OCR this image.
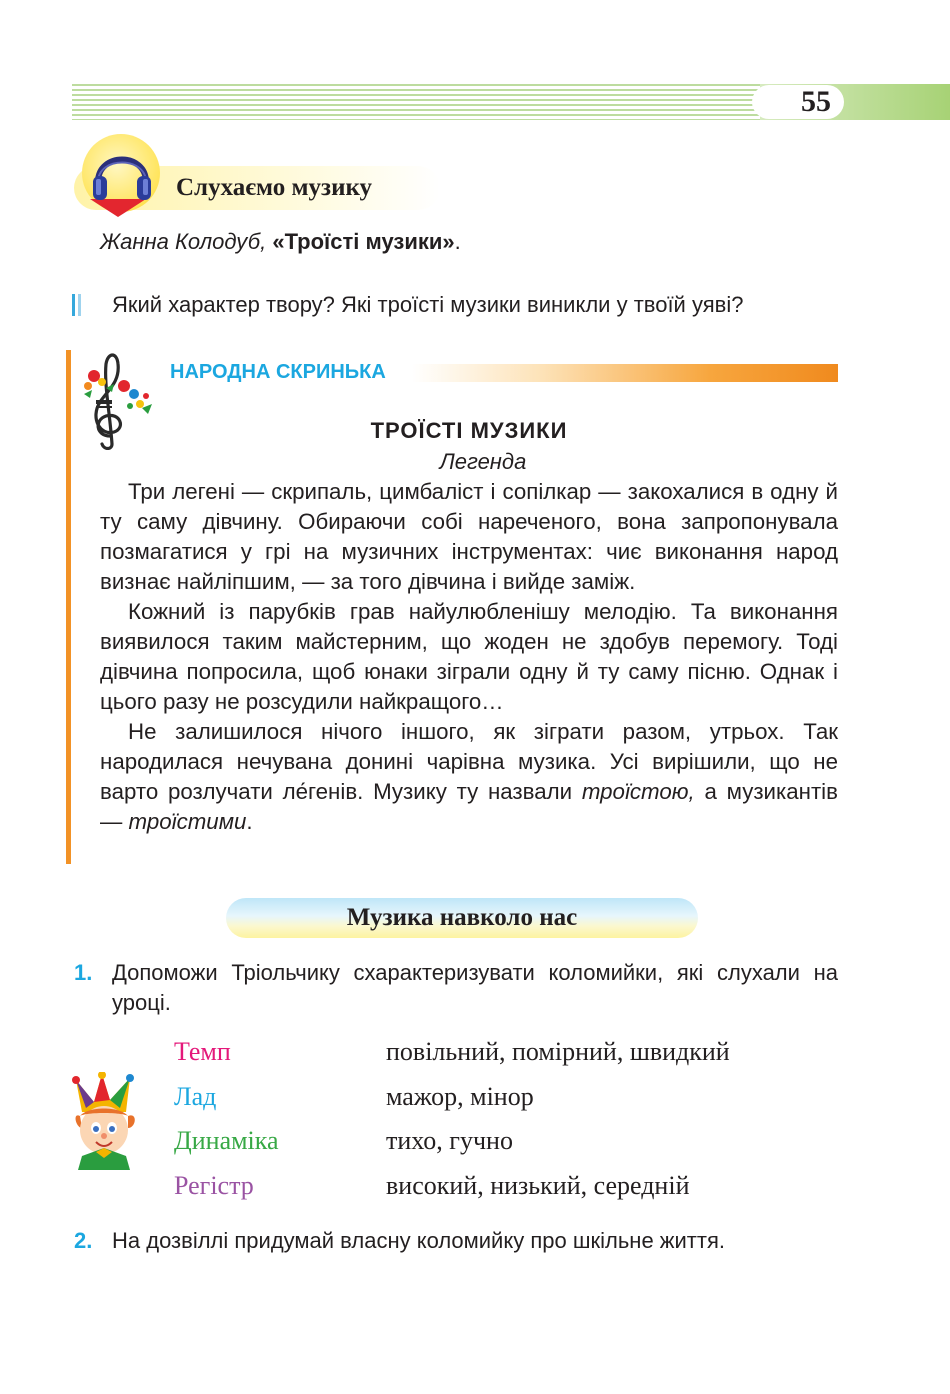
55
Слухаємо музику
Жанна Колодуб, «Троїсті музики».
Який характер твору? Які троїсті музики виникли у твоїй уяві?
НАРОДНА СКРИНЬКА
ТРОЇСТІ МУЗИКИ
Легенда

Три легені — скрипаль, цимбаліст і сопілкар — закохалися в одну й ту саму дівчину. Обираючи собі нареченого, вона запропонувала позмагатися у грі на музичних інструментах: чиє виконання народ визнає найліпшим, — за того дівчина і вийде заміж.

Кожний із парубків грав найулюбленішу мелодію. Та виконання виявилося таким майстерним, що жоден не здобув перемогу. Тоді дівчина попросила, щоб юнаки зіграли одну й ту саму пісню. Однак і цього разу не розсудили найкращого…

Не залишилося нічого іншого, як зіграти разом, утрьох. Так народилася нечувана донині чарівна музика. Усі вирішили, що не варто розлучати ле́генів. Музику ту назвали троїстою, а музикантів — троїстими.

Музика навколо нас
1. Допоможи Тріольчику схарактеризувати коломийки, які слухали на уроці.

Темп	повільний, помірний, швидкий
Лад	мажор, мінор
Динаміка	тихо, гучно
Регістр	високий, низький, середній
2. На дозвіллі придумай власну коломийку про шкільне життя.
